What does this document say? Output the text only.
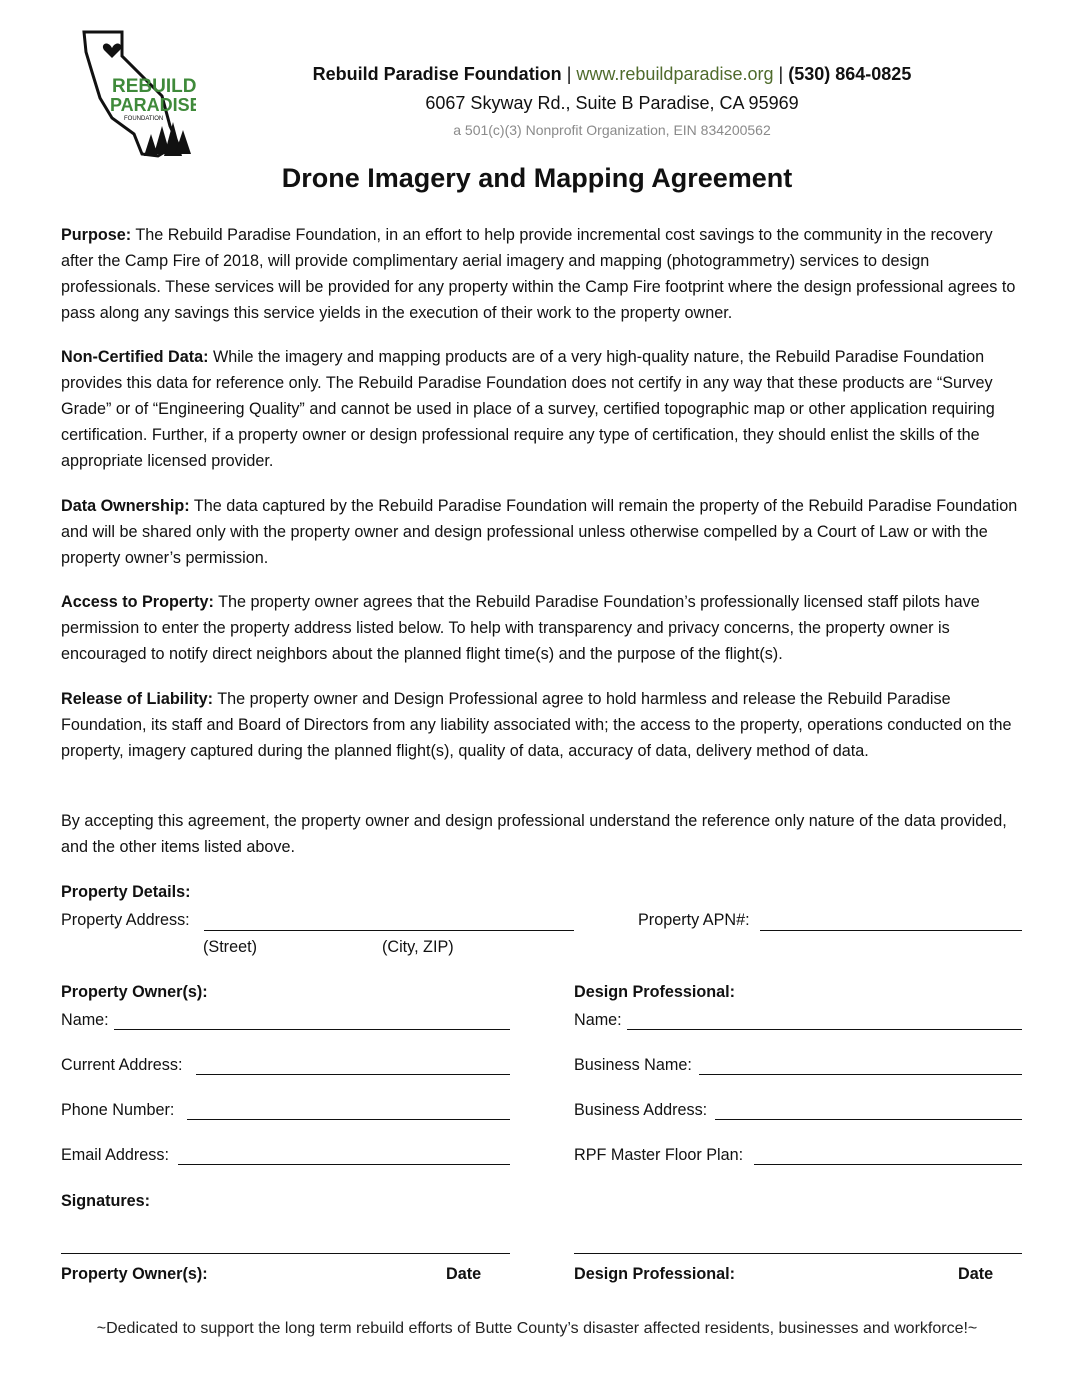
REBUILD
PARADISE
FOUNDATION
Rebuild Paradise Foundation | www.rebuildparadise.org | (530) 864-0825
6067 Skyway Rd., Suite B Paradise, CA 95969
a 501(c)(3) Nonprofit Organization, EIN 834200562
Drone Imagery and Mapping Agreement

Purpose: The Rebuild Paradise Foundation, in an effort to help provide incremental cost savings to the community in the recovery after the Camp Fire of 2018, will provide complimentary aerial imagery and mapping (photogrammetry) services to design professionals. These services will be provided for any property within the Camp Fire footprint where the design professional agrees to pass along any savings this service yields in the execution of their work to the property owner.

Non-Certified Data: While the imagery and mapping products are of a very high-quality nature, the Rebuild Paradise Foundation provides this data for reference only. The Rebuild Paradise Foundation does not certify in any way that these products are “Survey Grade” or of “Engineering Quality” and cannot be used in place of a survey, certified topographic map or other application requiring certification. Further, if a property owner or design professional require any type of certification, they should enlist the skills of the appropriate licensed provider.

Data Ownership: The data captured by the Rebuild Paradise Foundation will remain the property of the Rebuild Paradise Foundation and will be shared only with the property owner and design professional unless otherwise compelled by a Court of Law or with the property owner’s permission.

Access to Property: The property owner agrees that the Rebuild Paradise Foundation’s professionally licensed staff pilots have permission to enter the property address listed below. To help with transparency and privacy concerns, the property owner is encouraged to notify direct neighbors about the planned flight time(s) and the purpose of the flight(s).

Release of Liability: The property owner and Design Professional agree to hold harmless and release the Rebuild Paradise Foundation, its staff and Board of Directors from any liability associated with; the access to the property, operations conducted on the property, imagery captured during the planned flight(s), quality of data, accuracy of data, delivery method of data.

By accepting this agreement, the property owner and design professional understand the reference only nature of the data provided, and the other items listed above.

Property Details:
Property Address:	Property APN#:
(Street)	(City, ZIP)
Property Owner(s):
Name:
Current Address:
Phone Number:
Email Address:
Design Professional:
Name:
Business Name:
Business Address:
RPF Master Floor Plan:
Signatures:
Property Owner(s):	Date	Design Professional:	Date
~Dedicated to support the long term rebuild efforts of Butte County’s disaster affected residents, businesses and workforce!~
